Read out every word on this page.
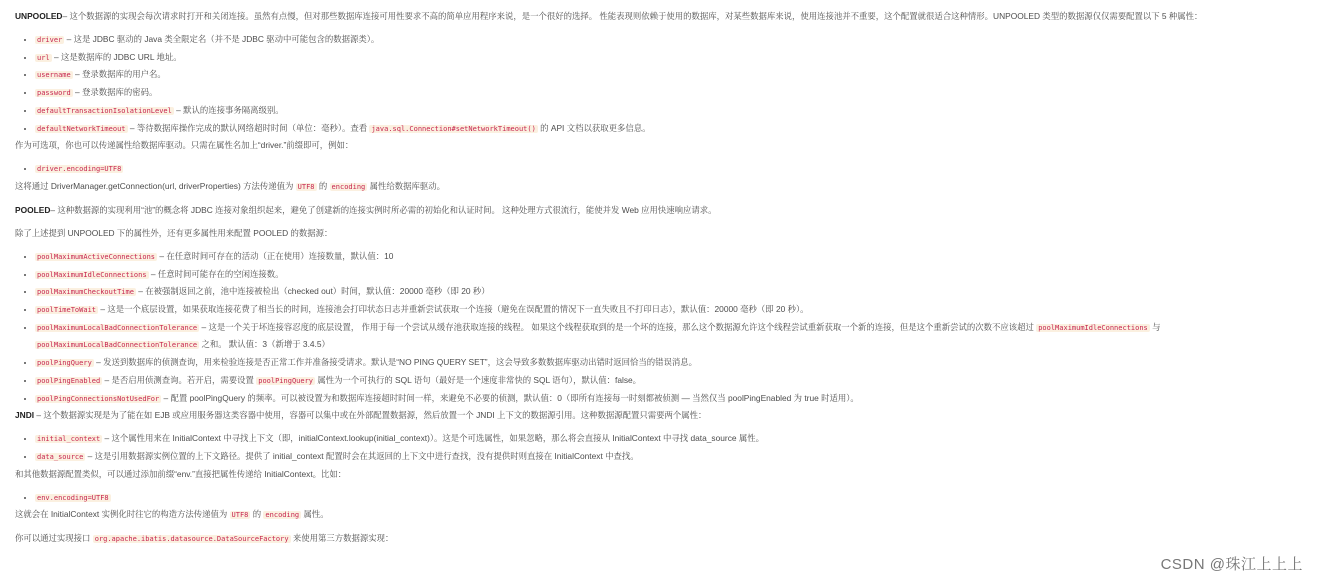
UNPOOLED– 这个数据源的实现会每次请求时打开和关闭连接。虽然有点慢，但对那些数据库连接可用性要求不高的简单应用程序来说，是一个很好的选择。 性能表现则依赖于使用的数据库，对某些数据库来说，使用连接池并不重要，这个配置就很适合这种情形。UNPOOLED 类型的数据源仅仅需要配置以下 5 种属性：

• driver – 这是 JDBC 驱动的 Java 类全限定名（并不是 JDBC 驱动中可能包含的数据源类）。
• url – 这是数据库的 JDBC URL 地址。
• username – 登录数据库的用户名。
• password – 登录数据库的密码。
• defaultTransactionIsolationLevel – 默认的连接事务隔离级别。
• defaultNetworkTimeout – 等待数据库操作完成的默认网络超时时间（单位：毫秒）。查看 java.sql.Connection#setNetworkTimeout() 的 API 文档以获取更多信息。

作为可选项，你也可以传递属性给数据库驱动。只需在属性名加上“driver.”前缀即可，例如：

• driver.encoding=UTF8

这将通过 DriverManager.getConnection(url, driverProperties) 方法传递值为 UTF8 的 encoding 属性给数据库驱动。

POOLED– 这种数据源的实现利用“池”的概念将 JDBC 连接对象组织起来，避免了创建新的连接实例时所必需的初始化和认证时间。 这种处理方式很流行，能使并发 Web 应用快速响应请求。

除了上述提到 UNPOOLED 下的属性外，还有更多属性用来配置 POOLED 的数据源：

• poolMaximumActiveConnections – 在任意时间可存在的活动（正在使用）连接数量，默认值：10
• poolMaximumIdleConnections – 任意时间可能存在的空闲连接数。
• poolMaximumCheckoutTime – 在被强制返回之前，池中连接被检出（checked out）时间，默认值：20000 毫秒（即 20 秒）
• poolTimeToWait – 这是一个底层设置，如果获取连接花费了相当长的时间，连接池会打印状态日志并重新尝试获取一个连接（避免在误配置的情况下一直失败且不打印日志），默认值：20000 毫秒（即 20 秒）。
• poolMaximumLocalBadConnectionTolerance – 这是一个关于坏连接容忍度的底层设置， 作用于每一个尝试从缓存池获取连接的线程。 如果这个线程获取到的是一个坏的连接，那么这个数据源允许这个线程尝试重新获取一个新的连接，但是这个重新尝试的次数不应该超过 poolMaximumIdleConnections 与 poolMaximumLocalBadConnectionTolerance 之和。 默认值：3（新增于 3.4.5）
• poolPingQuery – 发送到数据库的侦测查询，用来检验连接是否正常工作并准备接受请求。默认是“NO PING QUERY SET”，这会导致多数数据库驱动出错时返回恰当的错误消息。
• poolPingEnabled – 是否启用侦测查询。若开启，需要设置 poolPingQuery 属性为一个可执行的 SQL 语句（最好是一个速度非常快的 SQL 语句），默认值：false。
• poolPingConnectionsNotUsedFor – 配置 poolPingQuery 的频率。可以被设置为和数据库连接超时时间一样，来避免不必要的侦测，默认值：0（即所有连接每一时刻都被侦测 — 当然仅当 poolPingEnabled 为 true 时适用）。

JNDI – 这个数据源实现是为了能在如 EJB 或应用服务器这类容器中使用，容器可以集中或在外部配置数据源，然后放置一个 JNDI 上下文的数据源引用。这种数据源配置只需要两个属性：

• initial_context – 这个属性用来在 InitialContext 中寻找上下文（即，initialContext.lookup(initial_context)）。这是个可选属性，如果忽略，那么将会直接从 InitialContext 中寻找 data_source 属性。
• data_source – 这是引用数据源实例位置的上下文路径。提供了 initial_context 配置时会在其返回的上下文中进行查找，没有提供时则直接在 InitialContext 中查找。

和其他数据源配置类似，可以通过添加前缀“env.”直接把属性传递给 InitialContext。比如：

• env.encoding=UTF8

这就会在 InitialContext 实例化时往它的构造方法传递值为 UTF8 的 encoding 属性。

你可以通过实现接口 org.apache.ibatis.datasource.DataSourceFactory 来使用第三方数据源实现：

CSDN @珠江上上上
